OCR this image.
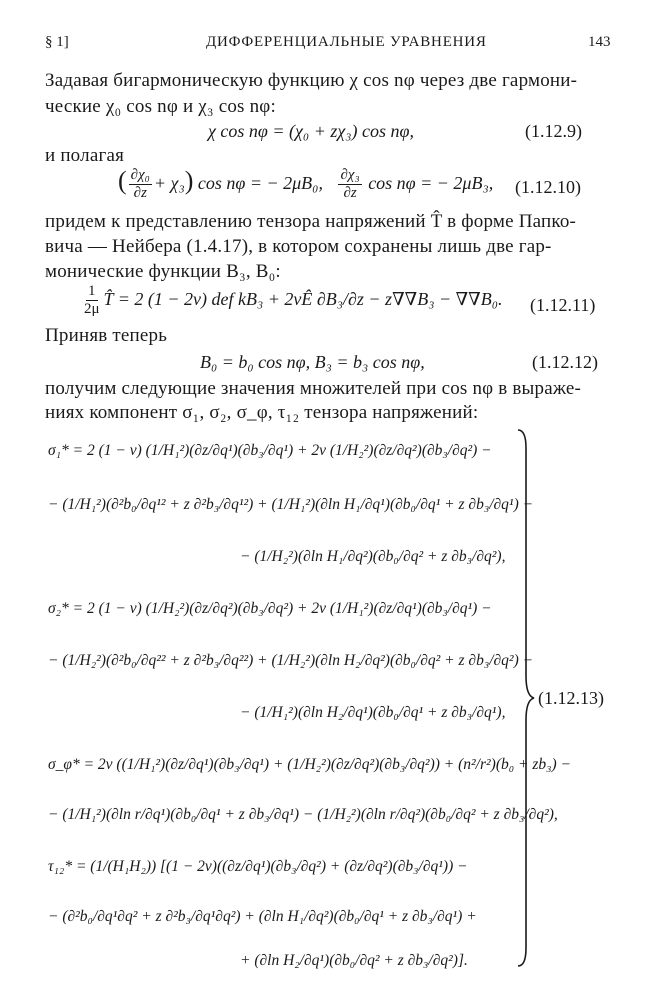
§ 1]	ДИФФЕРЕНЦИАЛЬНЫЕ УРАВНЕНИЯ	143
Задавая бигармоническую функцию χ cos nφ через две гармони-
ческие χ₀ cos nφ и χ₃ cos nφ:
χ cos nφ = (χ₀ + zχ₃) cos nφ,	(1.12.9)
и полагая
( $\frac{\text{∂χ₀}}{\partial z} + \chi_3$) cos nφ = − 2μB₀, $\frac{\text{∂χ₃}}{\partial z}$ cos nφ = − 2μB₃, (1.12.10)
придем к представлению тензора напряжений T̂ в форме Папко-
вича — Нейбера (1.4.17), в котором сохранены лишь две гар-
монические функции B₃, B₀:
$\frac{1}{2\mu}$ T̂ = 2 (1 − 2ν) def kB₃ + 2νÊ ∂B₃/∂z − z∇∇B₃ − ∇∇B₀. (1.12.11)
Приняв теперь
B₀ = b₀ cos nφ, B₃ = b₃ cos nφ,	(1.12.12)
получим следующие значения множителей при cos nφ в выраже-
ниях компонент σ₁, σ₂, σ_φ, τ₁₂ тензора напряжений:
σ₁* = 2 (1 − ν) (1/H₁²)(∂z/∂q¹)(∂b₃/∂q¹) + 2ν (1/H₂²)(∂z/∂q²)(∂b₃/∂q²) −
− (1/H₁²)(∂²b₀/∂q¹² + z ∂²b₃/∂q¹²) + (1/H₁²)(∂ln H₁/∂q¹)(∂b₀/∂q¹ + z ∂b₃/∂q¹) −
− (1/H₂²)(∂ln H₁/∂q²)(∂b₀/∂q² + z ∂b₃/∂q²),
σ₂* = 2 (1 − ν) (1/H₂²)(∂z/∂q²)(∂b₃/∂q²) + 2ν (1/H₁²)(∂z/∂q¹)(∂b₃/∂q¹) −
− (1/H₂²)(∂²b₀/∂q²² + z ∂²b₃/∂q²²) + (1/H₂²)(∂ln H₂/∂q²)(∂b₀/∂q² + z ∂b₃/∂q²) −
− (1/H₁²)(∂ln H₂/∂q¹)(∂b₀/∂q¹ + z ∂b₃/∂q¹),
σ_φ* = 2ν ((1/H₁²)(∂z/∂q¹)(∂b₃/∂q¹) + (1/H₂²)(∂z/∂q²)(∂b₃/∂q²)) + (n²/r²)(b₀ + zb₃) −
− (1/H₁²)(∂ln r/∂q¹)(∂b₀/∂q¹ + z ∂b₃/∂q¹) − (1/H₂²)(∂ln r/∂q²)(∂b₀/∂q² + z ∂b₃/∂q²),
τ₁₂* = (1/(H₁H₂)) [(1 − 2ν)((∂z/∂q¹)(∂b₃/∂q²) + (∂z/∂q²)(∂b₃/∂q¹)) −
− (∂²b₀/∂q¹∂q² + z ∂²b₃/∂q¹∂q²) + (∂ln H₁/∂q²)(∂b₀/∂q¹ + z ∂b₃/∂q¹) +
+ (∂ln H₂/∂q¹)(∂b₀/∂q² + z ∂b₃/∂q²)].
(1.12.13)
